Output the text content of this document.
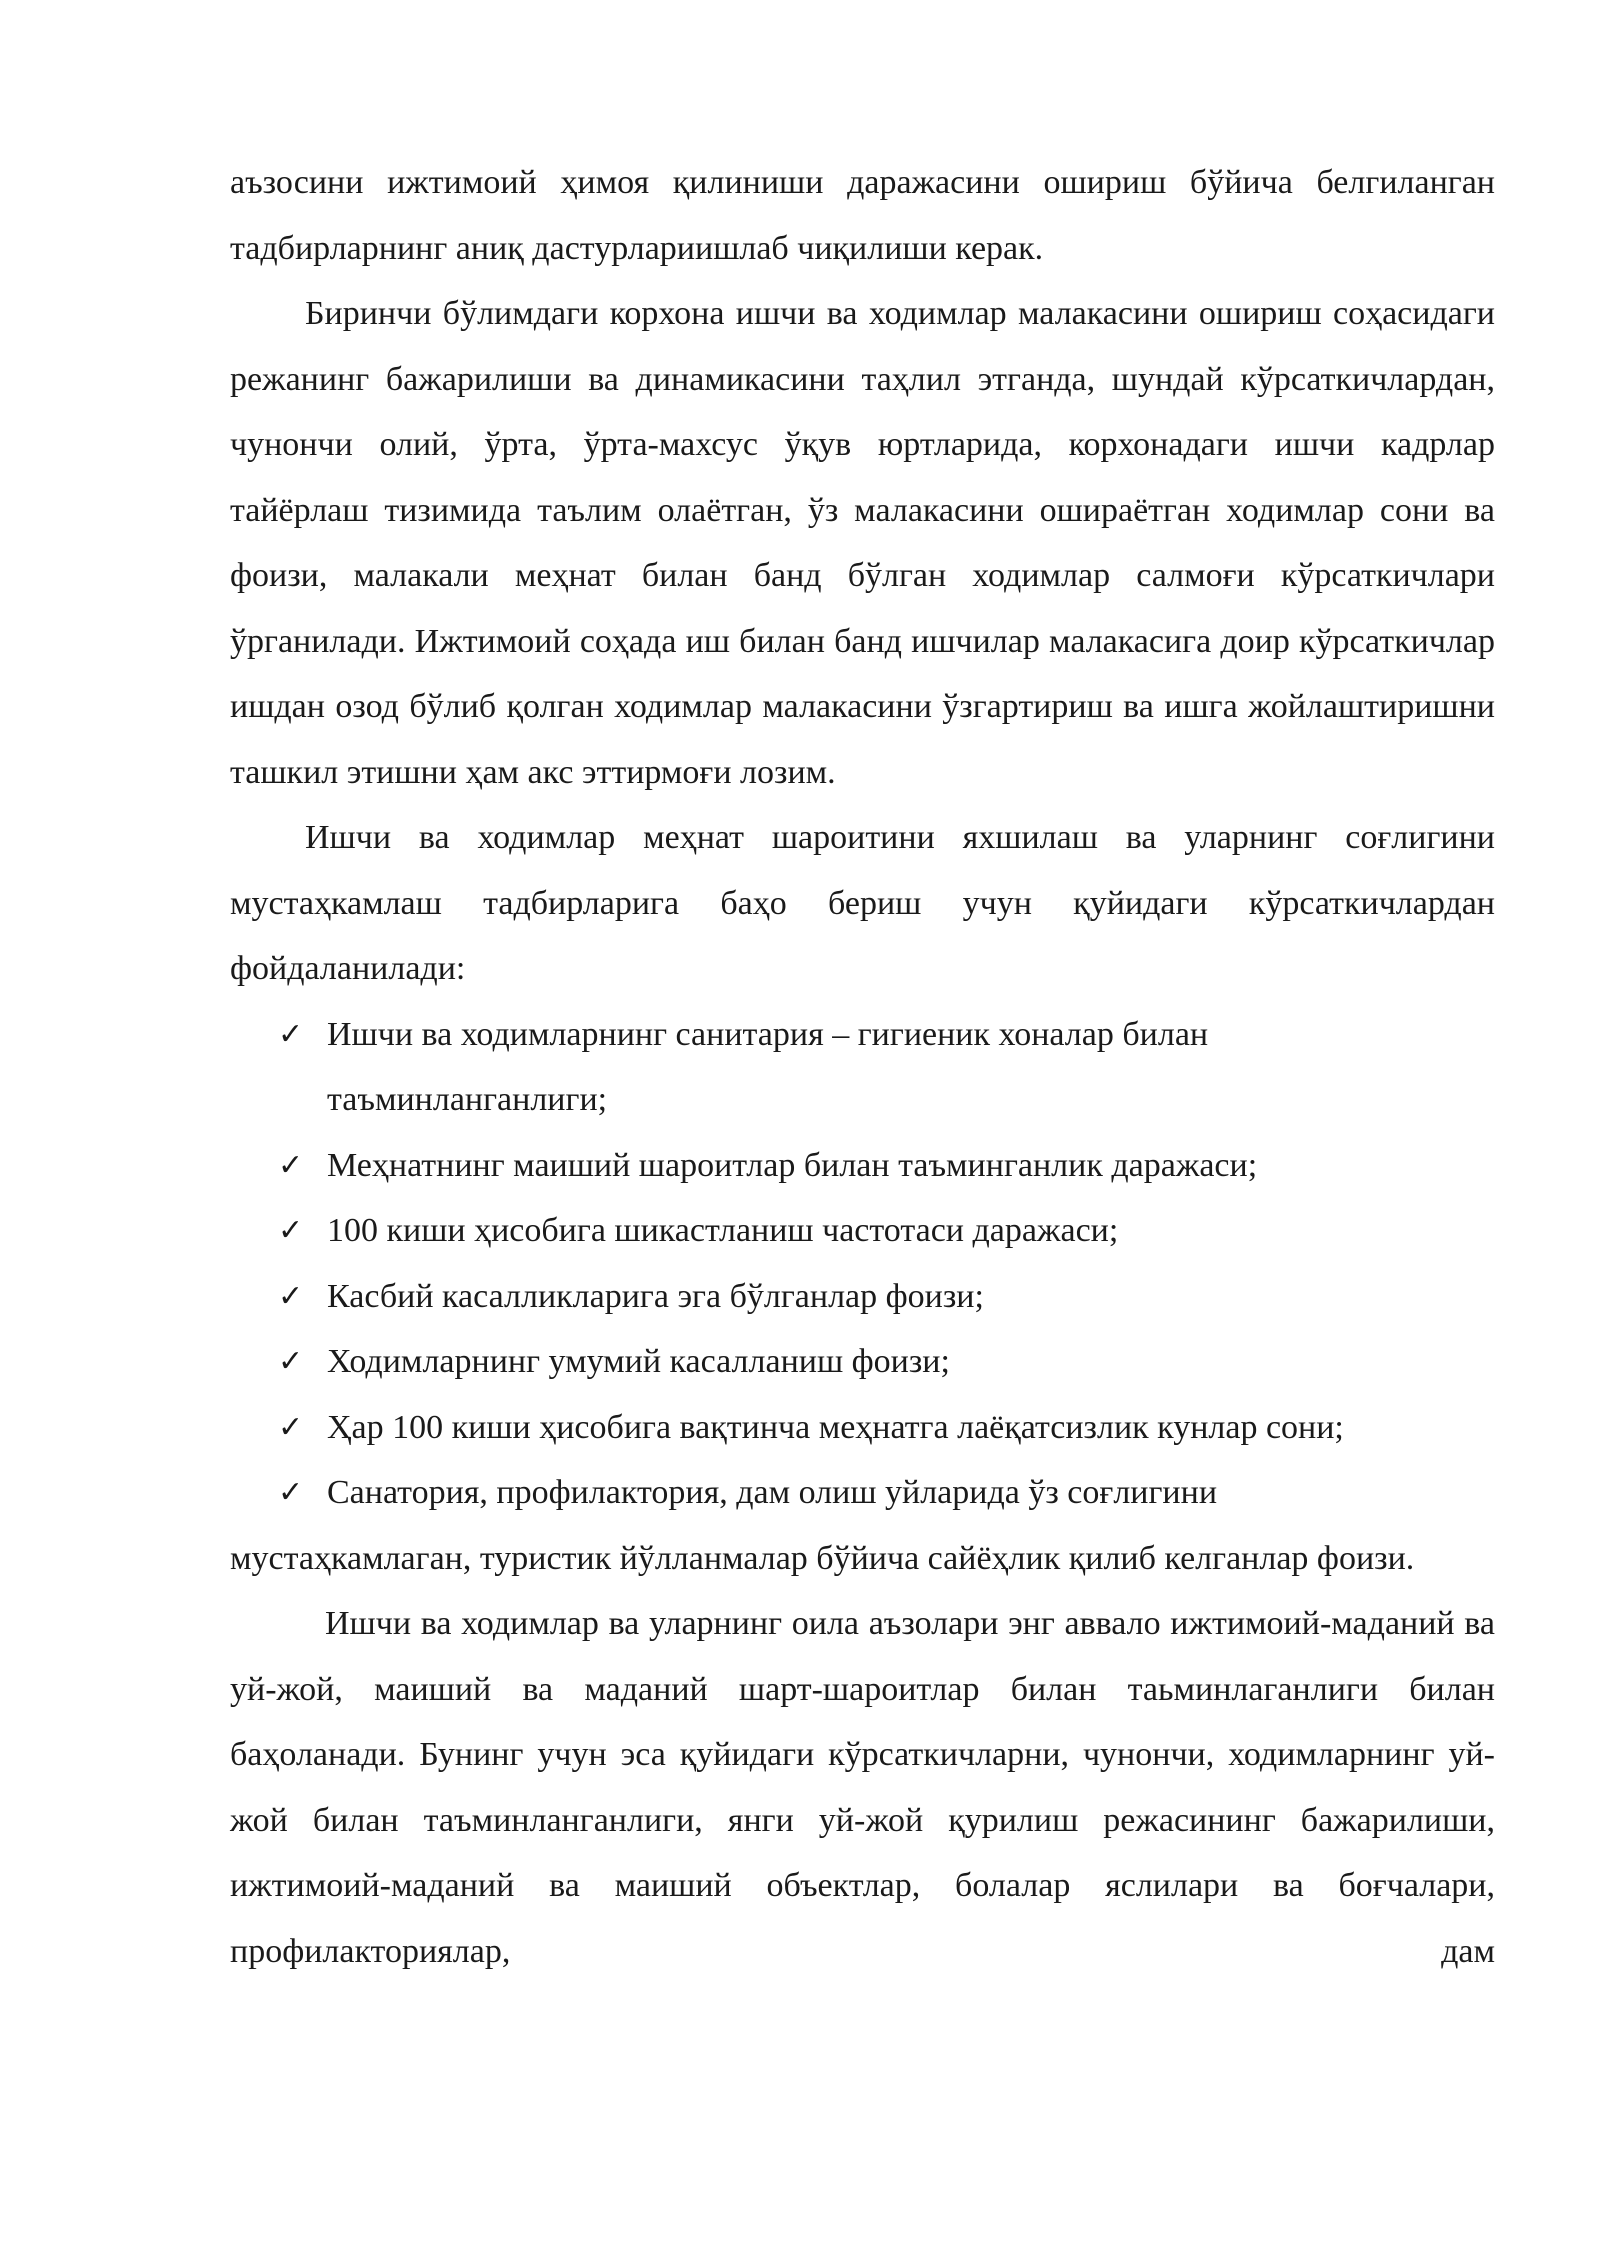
аъзосини ижтимоий ҳимоя қилиниши даражасини ошириш бўйича белгиланган тадбирларнинг аниқ дастурлариишлаб чиқилиши керак.

Биринчи бўлимдаги корхона ишчи ва ходимлар малакасини ошириш соҳасидаги режанинг бажарилиши ва динамикасини таҳлил этганда, шундай кўрсаткичлардан, чунончи олий, ўрта, ўрта-махсус ўқув юртларида, корхонадаги ишчи кадрлар тайёрлаш тизимида таълим олаётган, ўз малакасини ошираётган ходимлар сони ва фоизи, малакали меҳнат билан банд бўлган ходимлар салмоғи кўрсаткичлари ўрганилади. Ижтимоий соҳада иш билан банд ишчилар малакасига доир кўрсаткичлар ишдан озод бўлиб қолган ходимлар малакасини ўзгартириш ва ишга жойлаштиришни ташкил этишни ҳам акс эттирмоғи лозим.

Ишчи ва ходимлар меҳнат шароитини яхшилаш ва уларнинг соғлигини мустаҳкамлаш тадбирларига баҳо бериш учун қуйидаги кўрсаткичлардан фойдаланилади:

✓ Ишчи ва ходимларнинг санитария – гигиеник хоналар билан таъминланганлиги;
✓ Меҳнатнинг маиший шароитлар билан таъминганлик даражаси;
✓ 100 киши ҳисобига шикастланиш частотаси даражаси;
✓ Касбий касалликларига эга бўлганлар фоизи;
✓ Ходимларнинг умумий касалланиш фоизи;
✓ Ҳар 100 киши ҳисобига вақтинча меҳнатга лаёқатсизлик кунлар сони;
✓ Санатория, профилактория, дам олиш уйларида ўз соғлигини
мустаҳкамлаган, туристик йўлланмалар бўйича сайёҳлик қилиб келганлар фоизи.

Ишчи ва ходимлар ва уларнинг оила аъзолари энг аввало ижтимоий-маданий ва уй-жой, маиший ва маданий шарт-шароитлар билан таьминлаганлиги билан баҳоланади. Бунинг учун эса қуйидаги кўрсаткичларни, чунончи, ходимларнинг уй-жой билан таъминланганлиги, янги уй-жой қурилиш режасининг бажарилиши, ижтимоий-маданий ва маиший объектлар, болалар яслилари ва боғчалари, профилакториялар, дам
